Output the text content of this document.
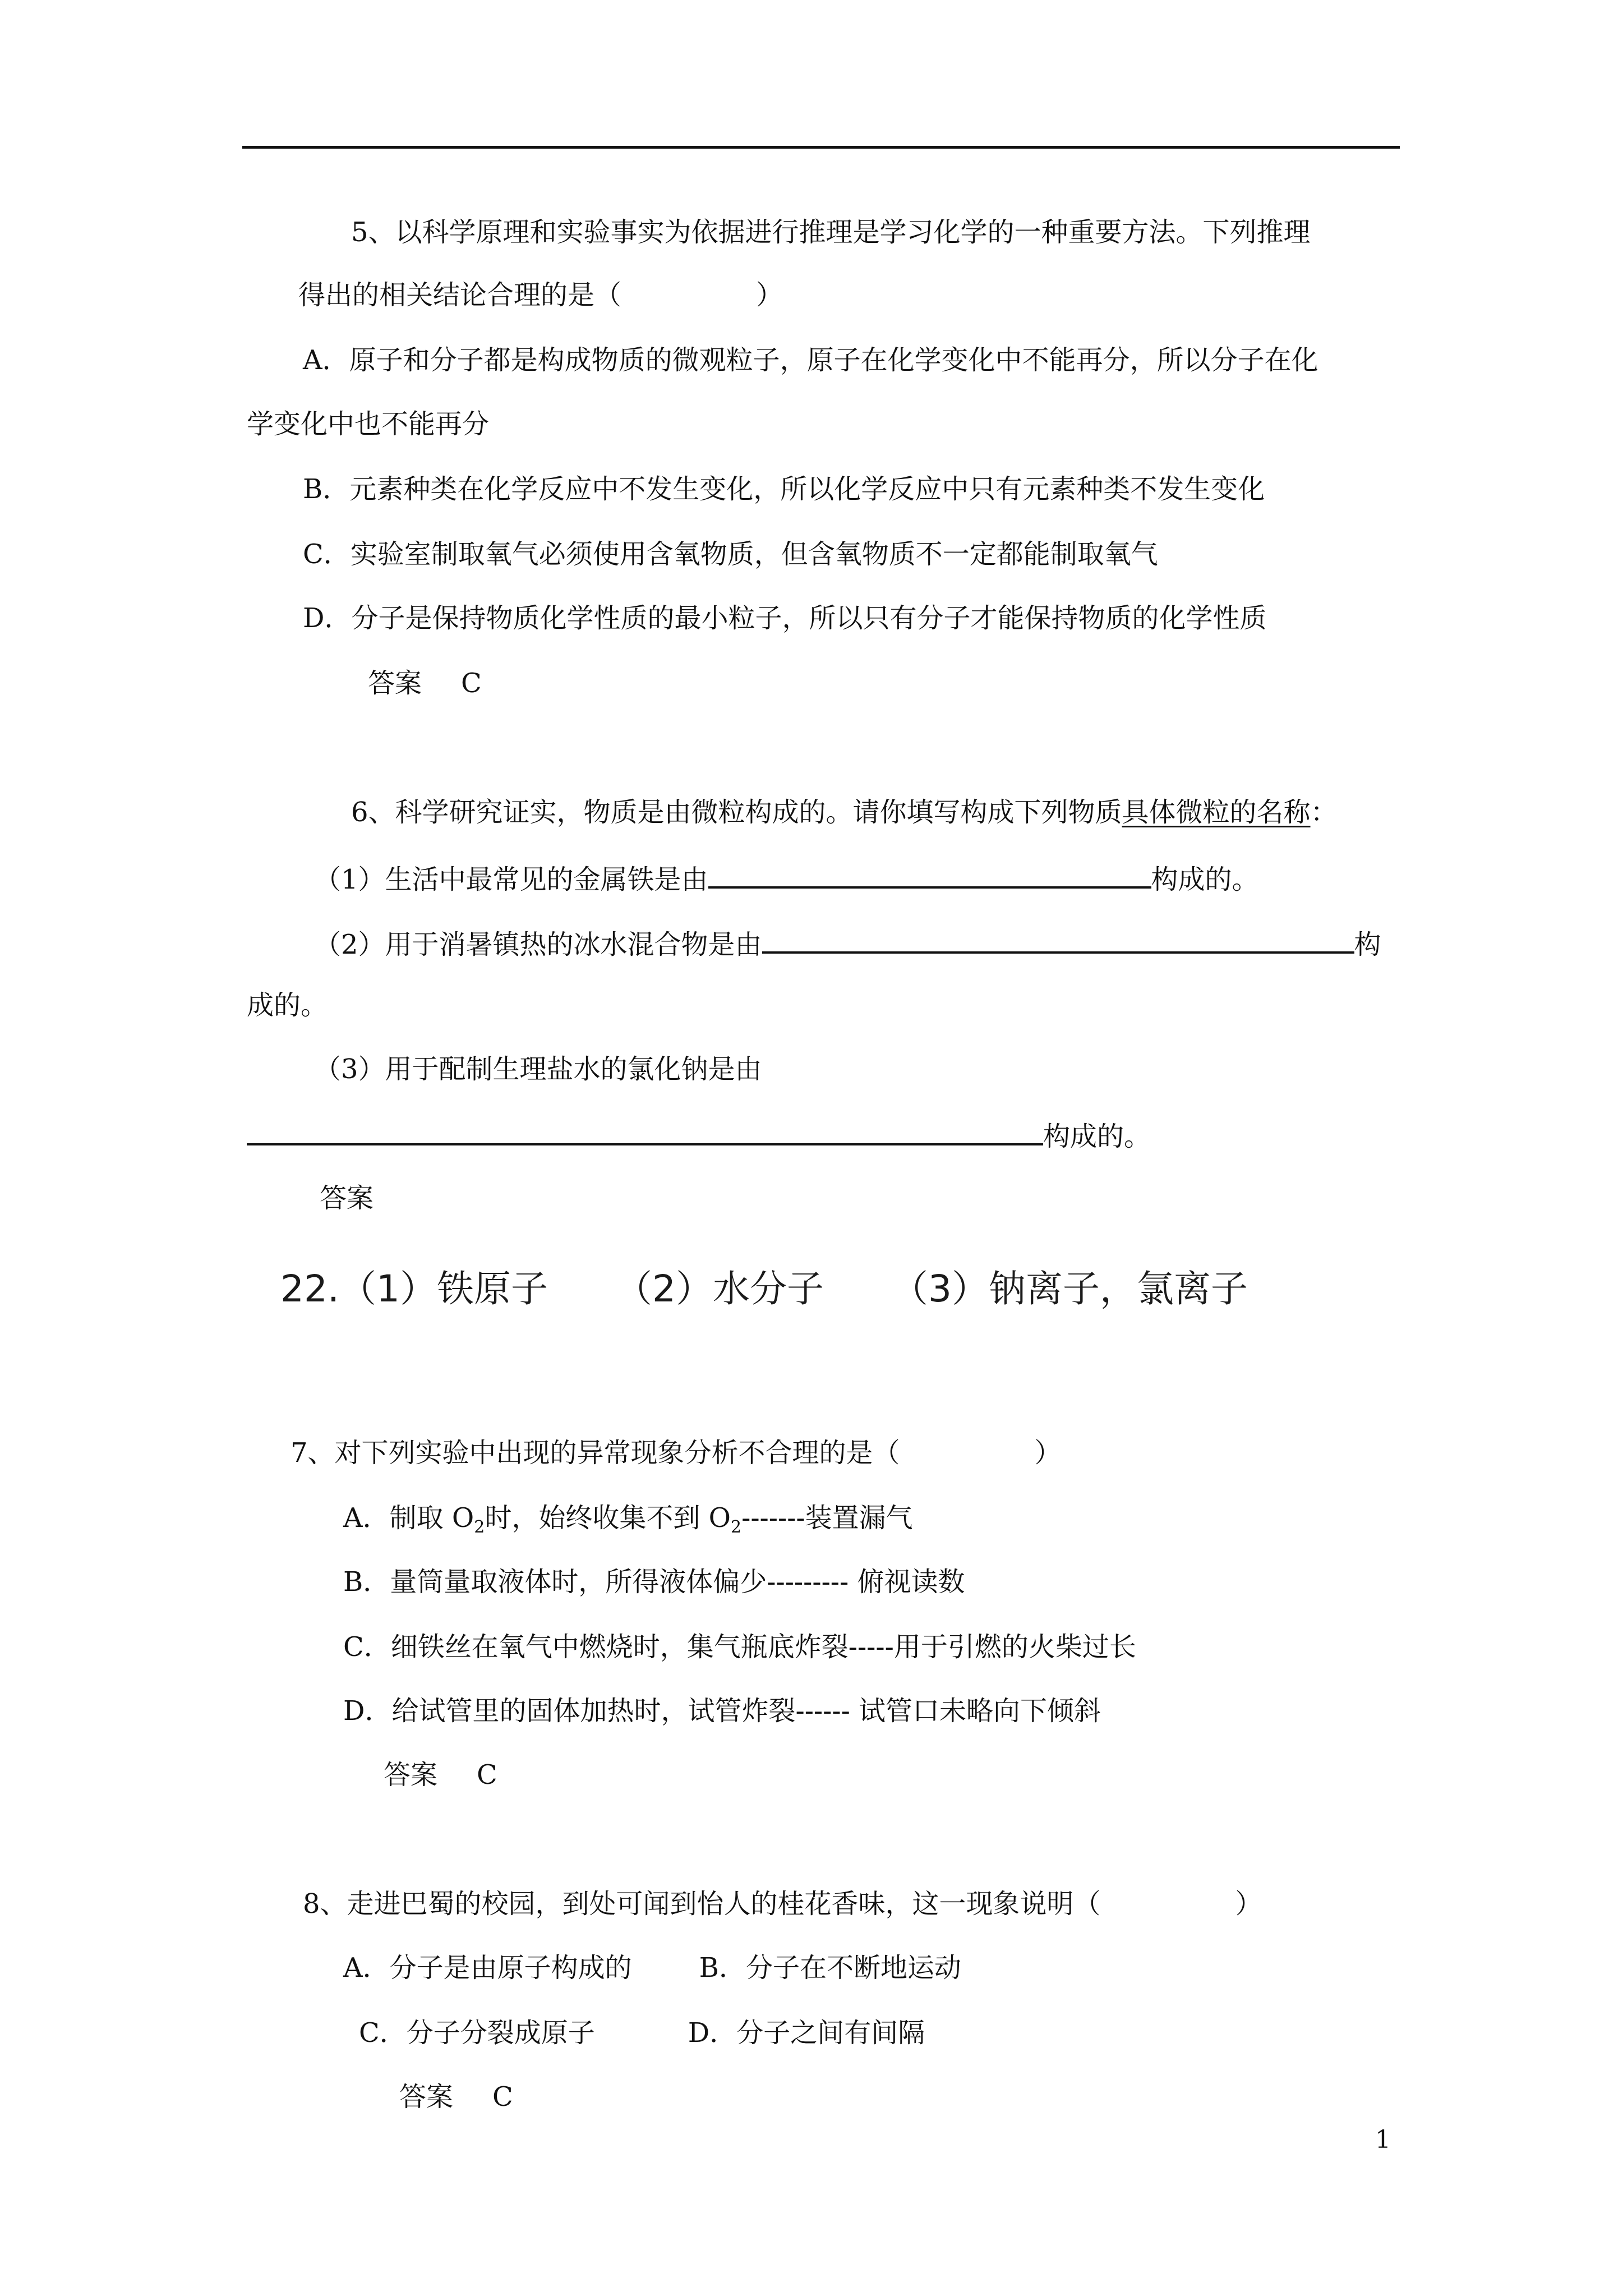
5、以科学原理和实验事实为依据进行推理是学习化学的一种重要方法。下列推理
得出的相关结论合理的是（　　　　　）
A．原子和分子都是构成物质的微观粒子，原子在化学变化中不能再分，所以分子在化
学变化中也不能再分
B．元素种类在化学反应中不发生变化，所以化学反应中只有元素种类不发生变化
C．实验室制取氧气必须使用含氧物质，但含氧物质不一定都能制取氧气
D．分子是保持物质化学性质的最小粒子，所以只有分子才能保持物质的化学性质
答案 C
6、科学研究证实，物质是由微粒构成的。请你填写构成下列物质具体微粒的名称：
（1）生活中最常见的金属铁是由	构成的。
（2）用于消暑镇热的冰水混合物是由	构
成的。
（3）用于配制生理盐水的氯化钠是由
构成的。
答案
22.（1）铁原子 （2）水分子 （3）钠离子，氯离子
7、对下列实验中出现的异常现象分析不合理的是（　　　　　）
A．制取 $O_2$时，始终收集不到 $O_2-------$装置漏气
B．量筒量取液体时，所得液体偏少--------- 俯视读数
C．细铁丝在氧气中燃烧时，集气瓶底炸裂-----用于引燃的火柴过长
D．给试管里的固体加热时，试管炸裂------ 试管口未略向下倾斜
答案 C
8、走进巴蜀的校园，到处可闻到怡人的桂花香味，这一现象说明（　　　　　）
A．分子是由原子构成的	B．分子在不断地运动
C．分子分裂成原子	D．分子之间有间隔
答案 C
1
